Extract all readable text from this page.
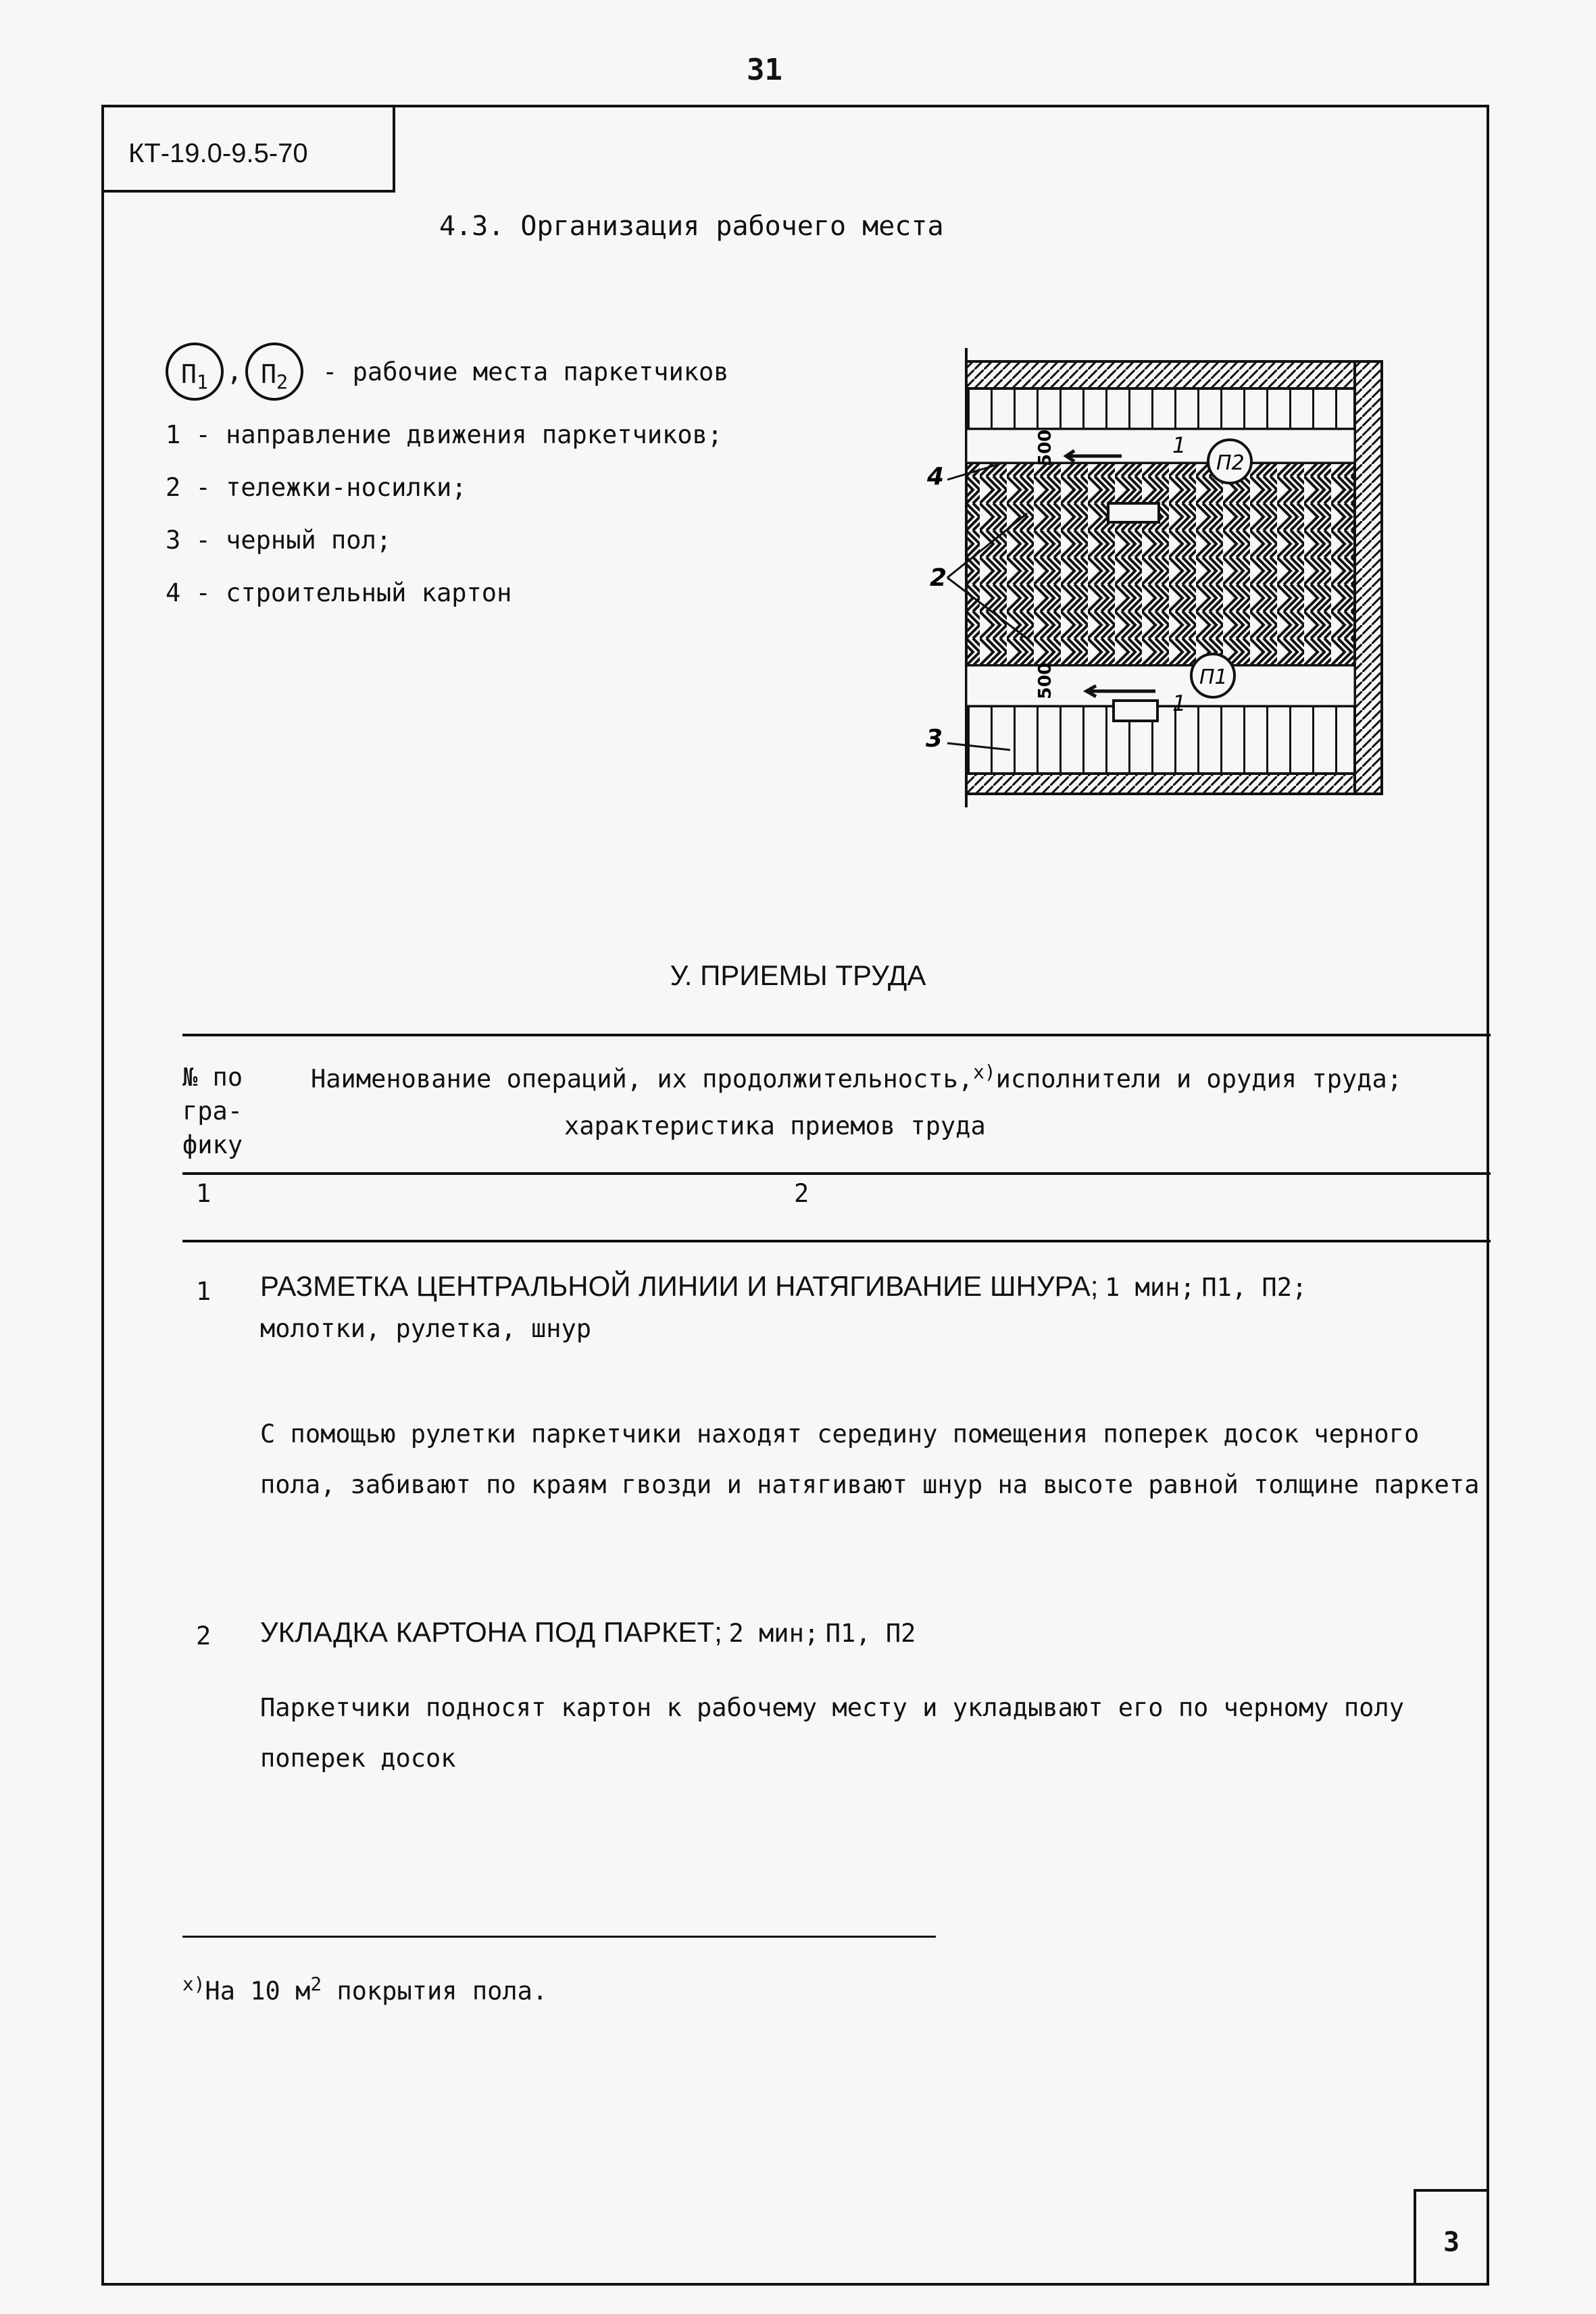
31
КТ-19.0-9.5-70
4.3. Организация рабочего места
$П_1$ , $П_2$	- рабочие места паркетчиков
1 - направление движения паркетчиков;
2 - тележки-носилки;
3 - черный пол;
4 - строительный картон
П2
П1
500
500
1
1
2
3
4
У. ПРИЕМЫ ТРУДА
№ по гра- фику
Наименование операций, их продолжительность,$^{х)}$исполнители и орудия труда;
характеристика приемов труда
1	2
1 РАЗМЕТКА ЦЕНТРАЛЬНОЙ ЛИНИИ И НАТЯГИВАНИЕ ШНУРА; 1 мин; П1, П2;
молотки, рулетка, шнур
С помощью рулетки паркетчики находят середину помещения поперек досок черного пола, забивают по краям гвозди и натягивают шнур на высоте равной толщине паркета
2 УКЛАДКА КАРТОНА ПОД ПАРКЕТ; 2 мин; П1, П2
Паркетчики подносят картон к рабочему месту и укладывают его по черному полу поперек досок
$^{х)}$На 10 $м^2$ покрытия пола.
3
